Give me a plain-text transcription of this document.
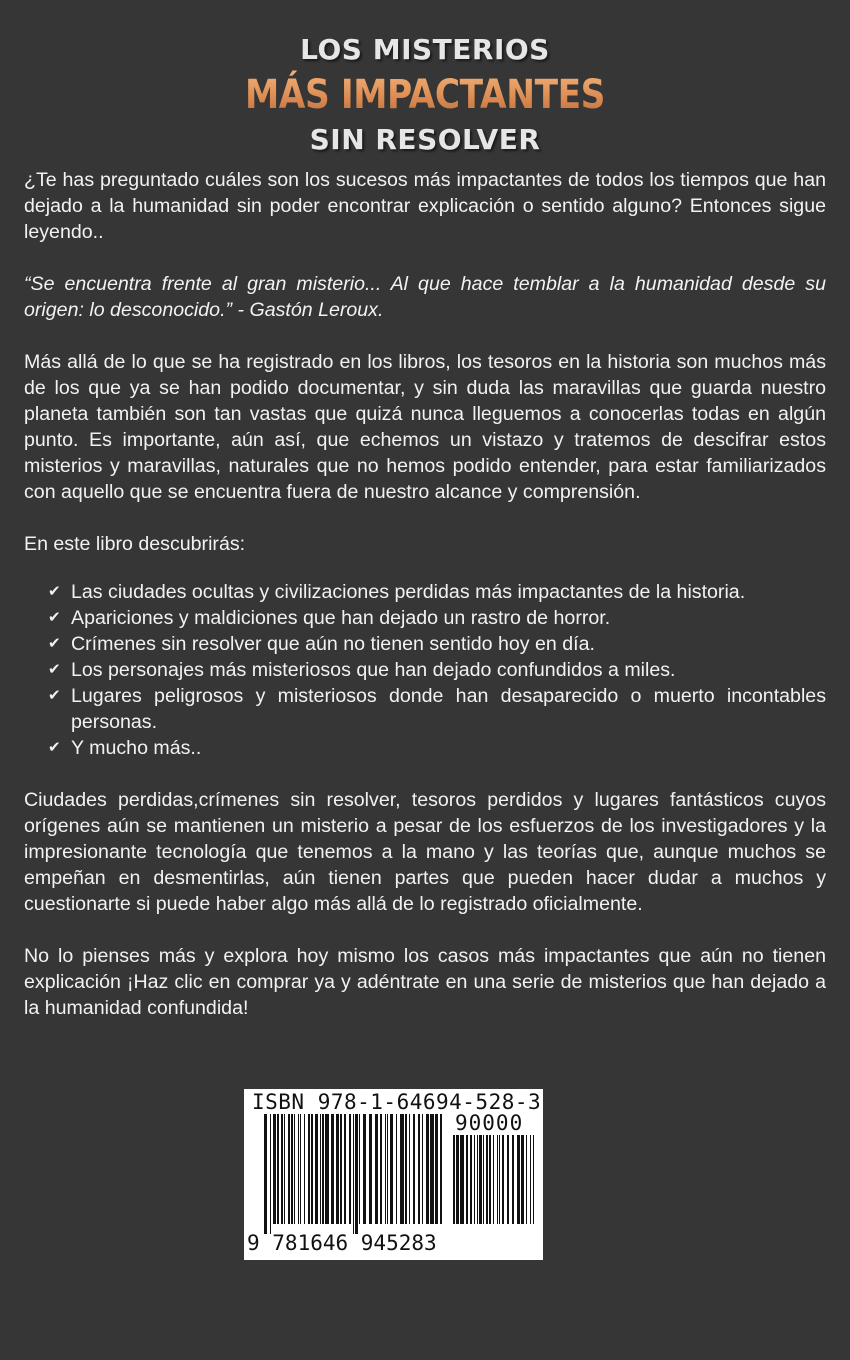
LOS MISTERIOS
MÁS IMPACTANTES
SIN RESOLVER

¿Te has preguntado cuáles son los sucesos más impactantes de todos los tiempos que han dejado a la humanidad sin poder encontrar explicación o sentido alguno? Entonces sigue leyendo..

“Se encuentra frente al gran misterio... Al que hace temblar a la humanidad desde su origen: lo desconocido.” - Gastón Leroux.

Más allá de lo que se ha registrado en los libros, los tesoros en la historia son muchos más de los que ya se han podido documentar, y sin duda las maravillas que guarda nuestro planeta también son tan vastas que quizá nunca lleguemos a conocerlas todas en algún punto. Es importante, aún así, que echemos un vistazo y tratemos de descifrar estos misterios y maravillas, naturales que no hemos podido entender, para estar familiarizados con aquello que se encuentra fuera de nuestro alcance y comprensión.

En este libro descubrirás:

✔ Las ciudades ocultas y civilizaciones perdidas más impactantes de la historia.
✔ Apariciones y maldiciones que han dejado un rastro de horror.
✔ Crímenes sin resolver que aún no tienen sentido hoy en día.
✔ Los personajes más misteriosos que han dejado confundidos a miles.
✔ Lugares peligrosos y misteriosos donde han desaparecido o muerto incontables personas.
✔ Y mucho más..

Ciudades perdidas,crímenes sin resolver, tesoros perdidos y lugares fantásticos cuyos orígenes aún se mantienen un misterio a pesar de los esfuerzos de los investigadores y la impresionante tecnología que tenemos a la mano y las teorías que, aunque muchos se empeñan en desmentirlas, aún tienen partes que pueden hacer dudar a muchos y cuestionarte si puede haber algo más allá de lo registrado oficialmente.

No lo pienses más y explora hoy mismo los casos más impactantes que aún no tienen explicación ¡Haz clic en comprar ya y adéntrate en una serie de misterios que han dejado a la humanidad confundida!

ISBN 978-1-64694-528-3
90000
9 781646 945283
